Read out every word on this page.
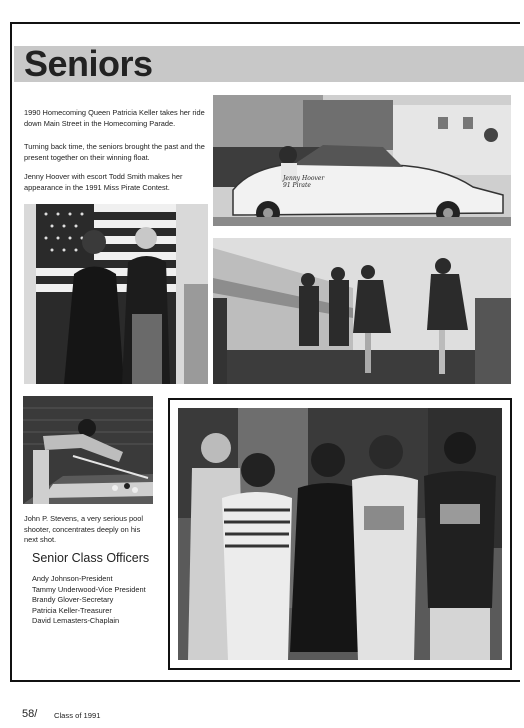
Seniors
1990 Homecoming Queen Patricia Keller takes her ride down Main Street in the Homecoming Parade.
Turning back time, the seniors brought the past and the present together on their winning float.
Jenny Hoover with escort Todd Smith makes her appearance in the 1991 Miss Pirate Contest.
Jenny Hoover 91 Pirate
John P. Stevens, a very serious pool shooter, concentrates deeply on his next shot.
Senior Class Officers
Andy Johnson-President
Tammy Underwood-Vice President
Brandy Glover-Secretary
Patricia Keller-Treasurer
David Lemasters-Chaplain
58/ Class of 1991
